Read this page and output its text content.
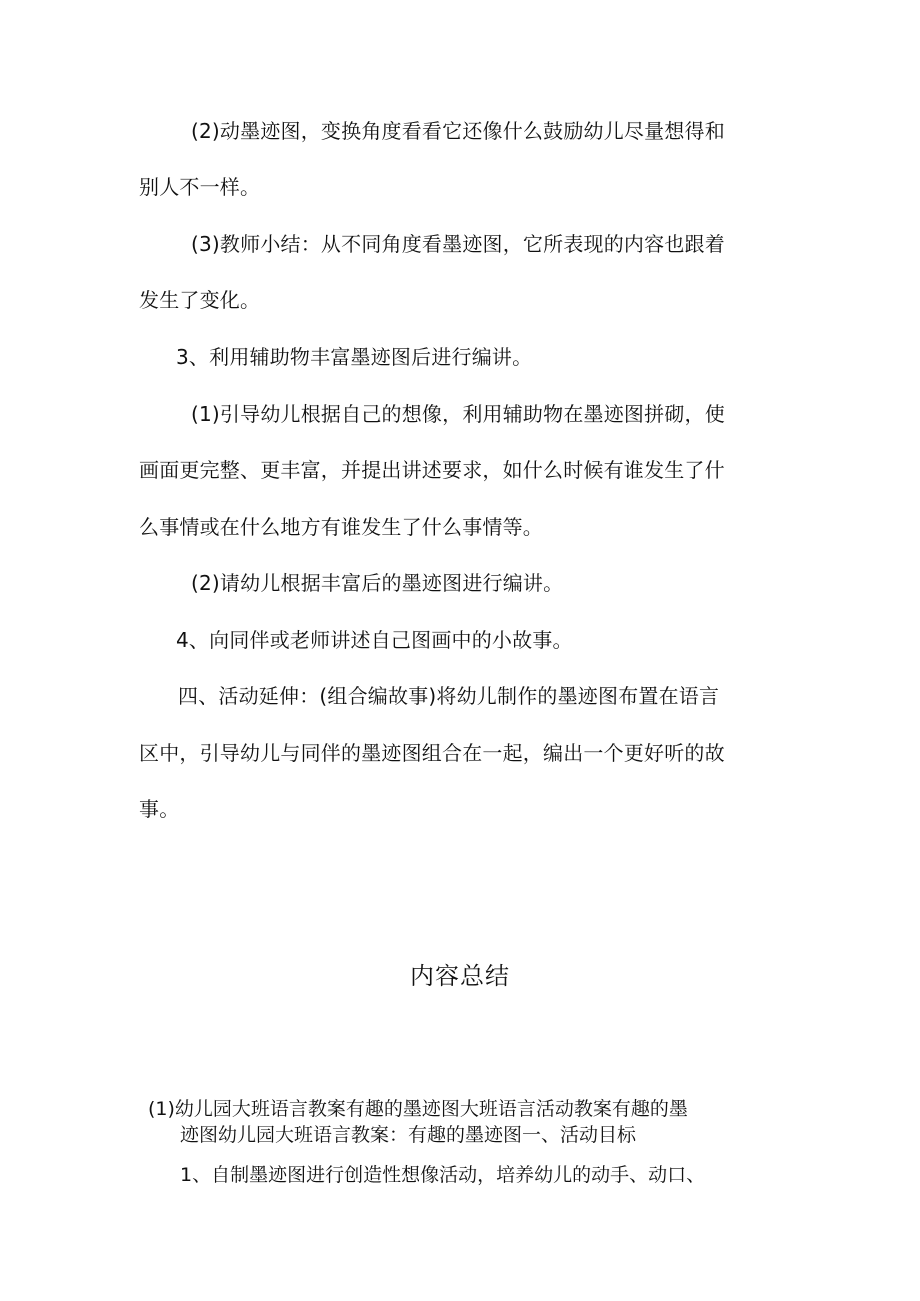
(2)动墨迹图，变换角度看看它还像什么鼓励幼儿尽量想得和
别人不一样。
(3)教师小结：从不同角度看墨迹图，它所表现的内容也跟着
发生了变化。
3、利用辅助物丰富墨迹图后进行编讲。
(1)引导幼儿根据自己的想像，利用辅助物在墨迹图拼砌，使
画面更完整、更丰富，并提出讲述要求，如什么时候有谁发生了什
么事情或在什么地方有谁发生了什么事情等。
(2)请幼儿根据丰富后的墨迹图进行编讲。
4、向同伴或老师讲述自己图画中的小故事。
四、活动延伸：(组合编故事)将幼儿制作的墨迹图布置在语言
区中，引导幼儿与同伴的墨迹图组合在一起，编出一个更好听的故
事。
内容总结
(1)幼儿园大班语言教案有趣的墨迹图大班语言活动教案有趣的墨
迹图幼儿园大班语言教案：有趣的墨迹图一、活动目标
1、自制墨迹图进行创造性想像活动，培养幼儿的动手、动口、
